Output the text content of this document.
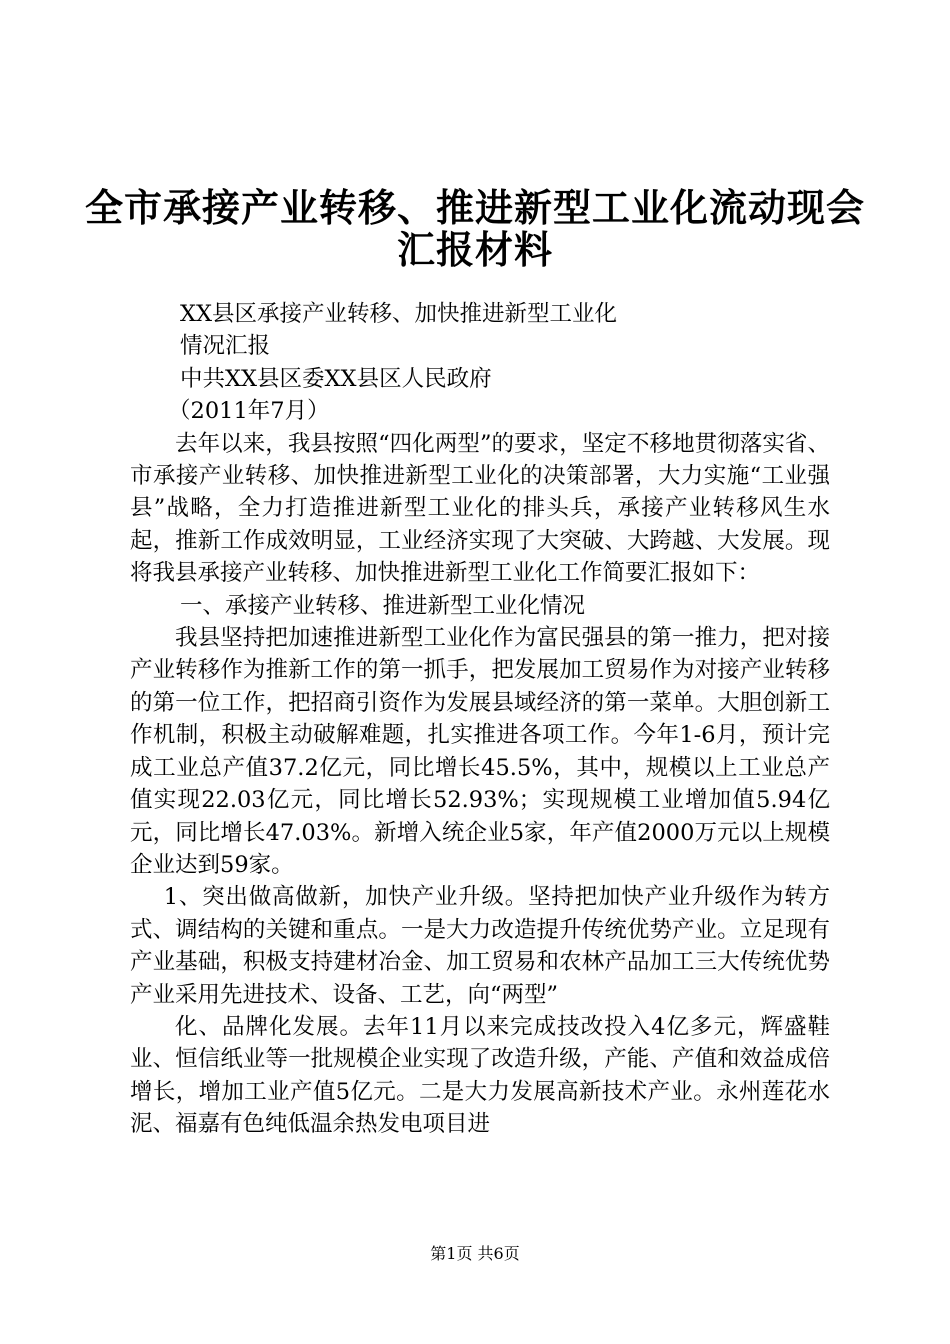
全市承接产业转移、推进新型工业化流动现会
汇报材料

XX县区承接产业转移、加快推进新型工业化

情况汇报

中共XX县区委XX县区人民政府

（2011年7月）

去年以来，我县按照“四化两型”的要求，坚定不移地贯彻落实省、市承接产业转移、加快推进新型工业化的决策部署，大力实施“工业强县”战略，全力打造推进新型工业化的排头兵，承接产业转移风生水起，推新工作成效明显，工业经济实现了大突破、大跨越、大发展。现将我县承接产业转移、加快推进新型工业化工作简要汇报如下：

一、承接产业转移、推进新型工业化情况

我县坚持把加速推进新型工业化作为富民强县的第一推力，把对接产业转移作为推新工作的第一抓手，把发展加工贸易作为对接产业转移的第一位工作，把招商引资作为发展县域经济的第一菜单。大胆创新工作机制，积极主动破解难题，扎实推进各项工作。今年1-6月，预计完成工业总产值37.2亿元，同比增长45.5%，其中，规模以上工业总产值实现22.03亿元，同比增长52.93%；实现规模工业增加值5.94亿元，同比增长47.03%。新增入统企业5家，年产值2000万元以上规模企业达到59家。

1、突出做高做新，加快产业升级。坚持把加快产业升级作为转方式、调结构的关键和重点。一是大力改造提升传统优势产业。立足现有产业基础，积极支持建材冶金、加工贸易和农林产品加工三大传统优势产业采用先进技术、设备、工艺，向“两型”

化、品牌化发展。去年11月以来完成技改投入4亿多元，辉盛鞋业、恒信纸业等一批规模企业实现了改造升级，产能、产值和效益成倍增长，增加工业产值5亿元。二是大力发展高新技术产业。永州莲花水泥、福嘉有色纯低温余热发电项目进

第1页 共6页
